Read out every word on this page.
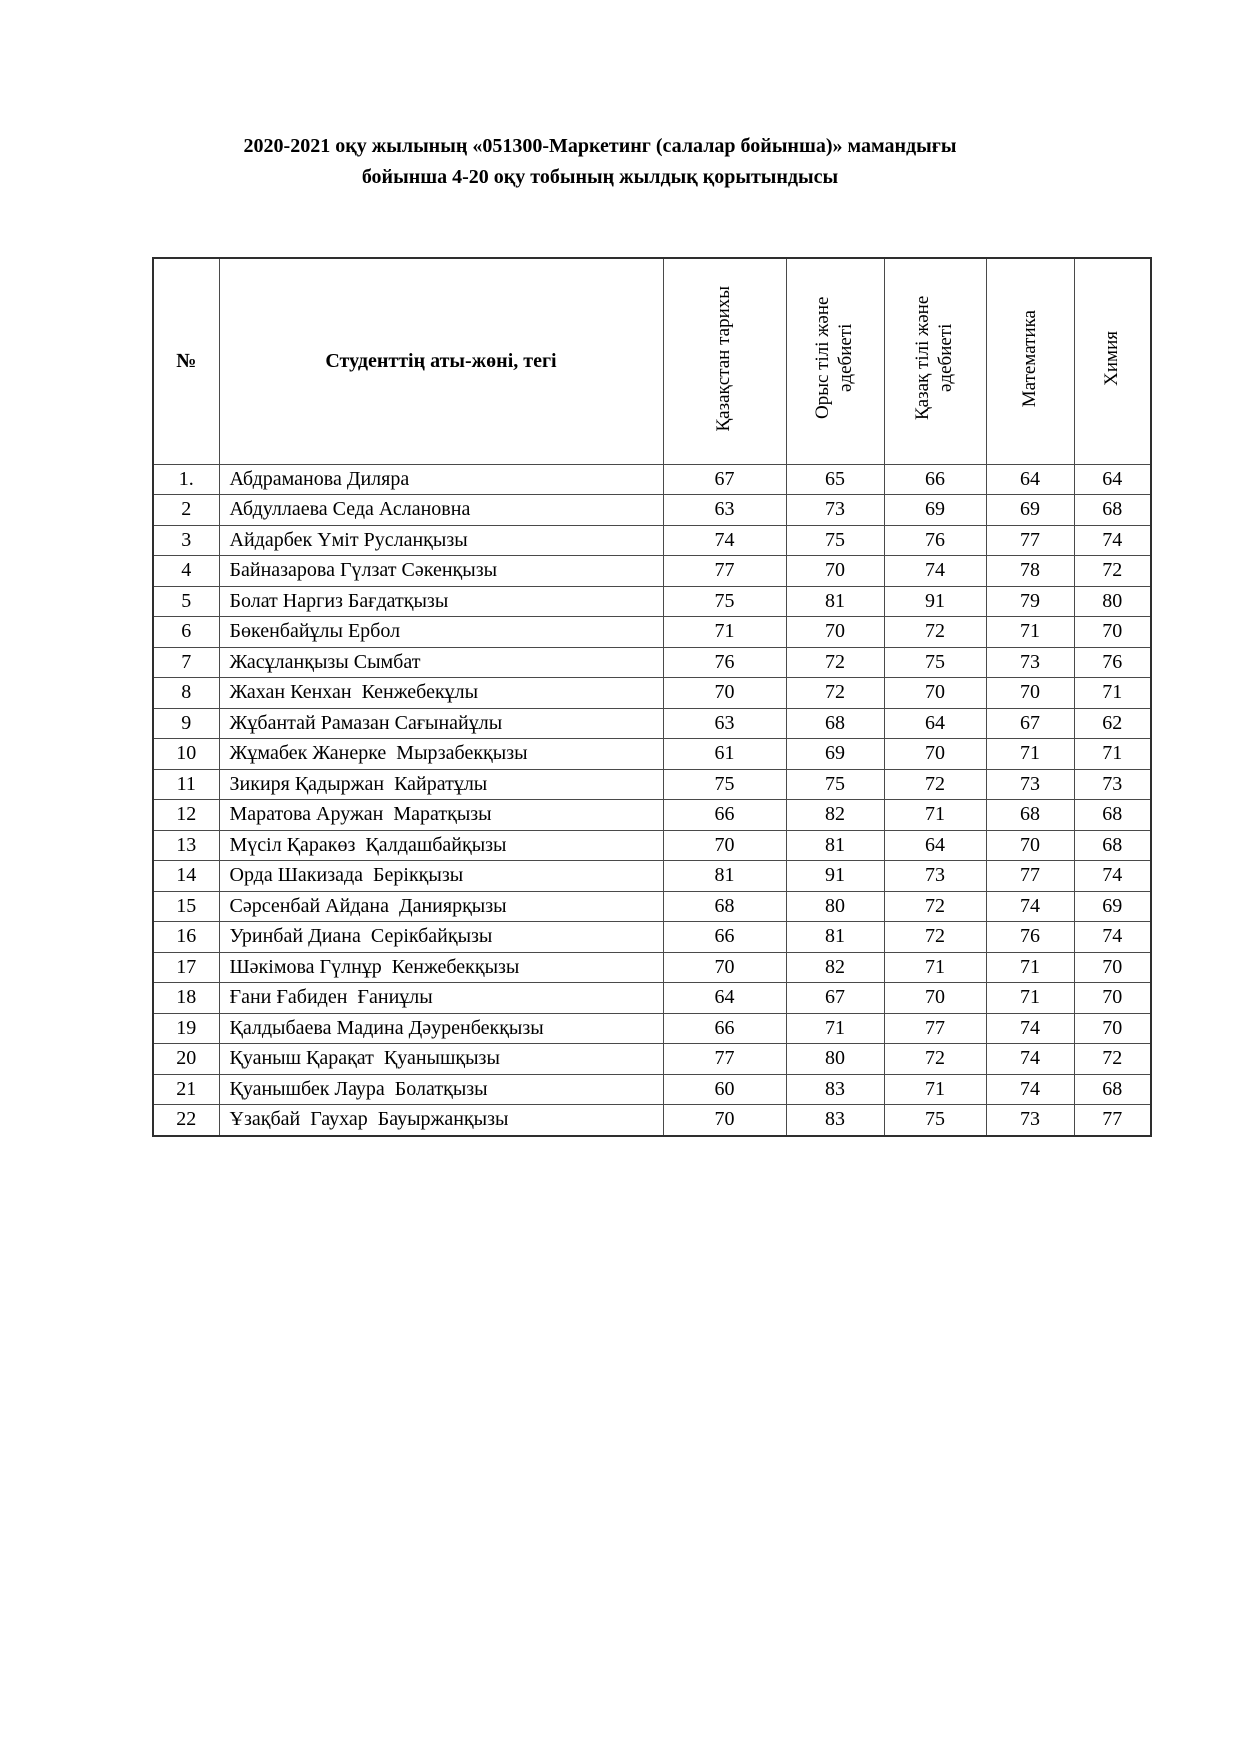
2020-2021 оқу жылының «051300-Маркетинг (салалар бойынша)» мамандығы
бойынша 4-20 оқу тобының жылдық қорытындысы
№	Студенттің аты-жөні, тегі	Қазақстан тарихы	Орыс тілі және әдебиеті	Қазақ тілі және әдебиеті	Математика	Химия
1.	Абдраманова Диляра	67	65	66	64	64
2	Абдуллаева Седа Аслановна	63	73	69	69	68
3	Айдарбек Үміт Русланқызы	74	75	76	77	74
4	Байназарова Гүлзат Сәкенқызы	77	70	74	78	72
5	Болат Наргиз Бағдатқызы	75	81	91	79	80
6	Бөкенбайұлы Ербол	71	70	72	71	70
7	Жасұланқызы Сымбат	76	72	75	73	76
8	Жахан Кенхан  Кенжебекұлы	70	72	70	70	71
9	Жұбантай Рамазан Сағынайұлы	63	68	64	67	62
10	Жұмабек Жанерке  Мырзабекқызы	61	69	70	71	71
11	Зикиря Қадыржан  Кайратұлы	75	75	72	73	73
12	Маратова Аружан  Маратқызы	66	82	71	68	68
13	Мүсіл Қаракөз  Қалдашбайқызы	70	81	64	70	68
14	Орда Шакизада  Берікқызы	81	91	73	77	74
15	Сәрсенбай Айдана  Даниярқызы	68	80	72	74	69
16	Уринбай Диана  Серікбайқызы	66	81	72	76	74
17	Шәкімова Гүлнұр  Кенжебекқызы	70	82	71	71	70
18	Ғани Ғабиден  Ғаниұлы	64	67	70	71	70
19	Қалдыбаева Мадина Дәуренбекқызы	66	71	77	74	70
20	Қуаныш Қарақат  Қуанышқызы	77	80	72	74	72
21	Қуанышбек Лаура  Болатқызы	60	83	71	74	68
22	Ұзақбай  Гаухар  Бауыржанқызы	70	83	75	73	77
